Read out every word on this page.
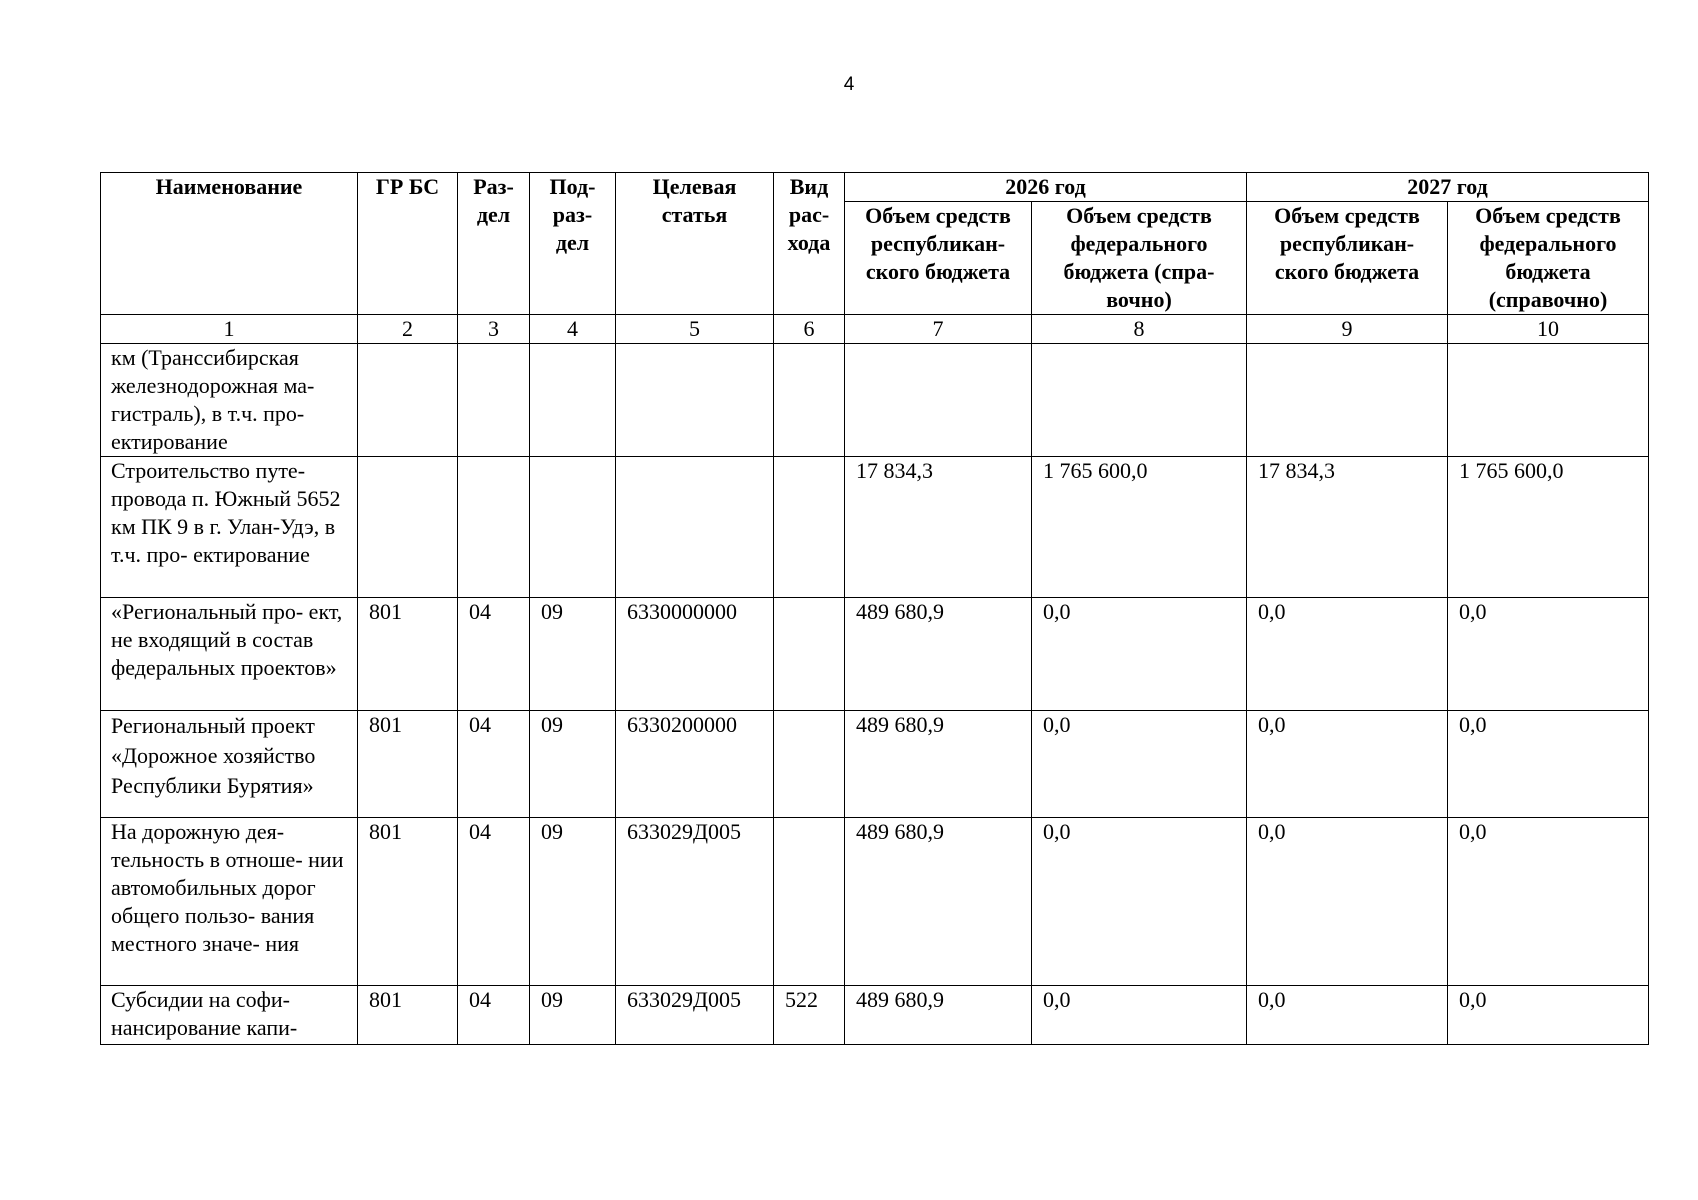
4
Наименование	ГР БС	Раз- дел	Под- раз- дел	Целевая статья	Вид рас- хода	2026 год		2027 год	
						Объем средств республикан- ского бюджета	Объем средств федерального бюджета (спра- вочно)	Объем средств республикан- ского бюджета	Объем средств федерального бюджета (справочно)
1	2	3	4	5	6	7	8	9	10
км (Транссибирская железнодорожная ма- гистраль), в т.ч. про- ектирование									
Строительство путе- провода п. Южный 5652 км ПК 9 в г. Улан-Удэ, в т.ч. про- ектирование						17 834,3	1 765 600,0	17 834,3	1 765 600,0
«Региональный про- ект, не входящий в состав федеральных проектов»	801	04	09	6330000000		489 680,9	0,0	0,0	0,0
Региональный проект «Дорожное хозяйство Республики Бурятия»	801	04	09	6330200000		489 680,9	0,0	0,0	0,0
На дорожную дея- тельность в отноше- нии автомобильных дорог общего пользо- вания местного значе- ния	801	04	09	633029Д005		489 680,9	0,0	0,0	0,0
Субсидии на софи- нансирование капи-	801	04	09	633029Д005	522	489 680,9	0,0	0,0	0,0
